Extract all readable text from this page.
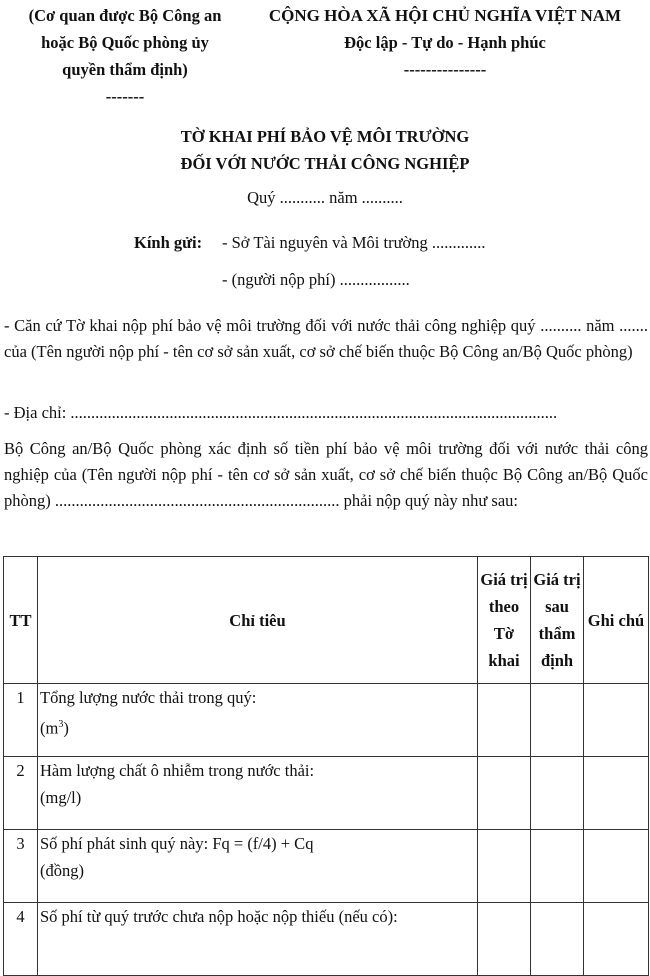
(Cơ quan được Bộ Công an
hoặc Bộ Quốc phòng ủy
quyền thẩm định)
-------
CỘNG HÒA XÃ HỘI CHỦ NGHĨA VIỆT NAM
Độc lập - Tự do - Hạnh phúc
---------------
TỜ KHAI PHÍ BẢO VỆ MÔI TRƯỜNG
ĐỐI VỚI NƯỚC THẢI CÔNG NGHIỆP
Quý ........... năm ..........
Kính gửi: - Sở Tài nguyên và Môi trường .............
- (người nộp phí) .................
- Căn cứ Tờ khai nộp phí bảo vệ môi trường đối với nước thải công nghiệp quý .......... năm ....... của (Tên người nộp phí - tên cơ sở sản xuất, cơ sở chế biến thuộc Bộ Công an/Bộ Quốc phòng)
- Địa chỉ: ......................................................................................................................
Bộ Công an/Bộ Quốc phòng xác định số tiền phí bảo vệ môi trường đối với nước thải công nghiệp của (Tên người nộp phí - tên cơ sở sản xuất, cơ sở chế biến thuộc Bộ Công an/Bộ Quốc phòng) ..................................................................... phải nộp quý này như sau:
TT	Chỉ tiêu	Giá trị theo Tờ khai	Giá trị sau thẩm định	Ghi chú
1	Tổng lượng nước thải trong quý:
$(m^3)$			

2	Hàm lượng chất ô nhiễm trong nước thải:
(mg/l)			

3	Số phí phát sinh quý này: Fq = (f/4) + Cq
(đồng)			

4	Số phí từ quý trước chưa nộp hoặc nộp thiếu (nếu có):			
